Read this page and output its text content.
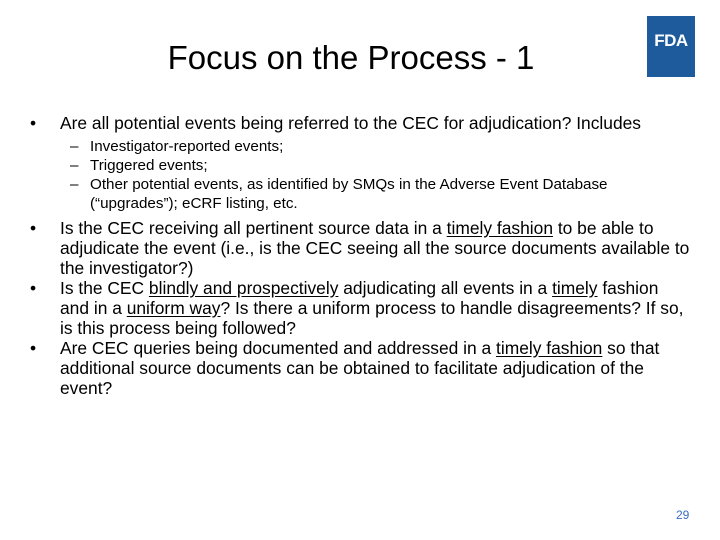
Focus on the Process - 1	FDA
• Are all potential events being referred to the CEC for adjudication? Includes
– Investigator-reported events;
– Triggered events;
– Other potential events, as identified by SMQs in the Adverse Event Database (“upgrades”); eCRF listing, etc.
• Is the CEC receiving all pertinent source data in a timely fashion to be able to adjudicate the event (i.e., is the CEC seeing all the source documents available to the investigator?)
• Is the CEC blindly and prospectively adjudicating all events in a timely fashion and in a uniform way? Is there a uniform process to handle disagreements? If so, is this process being followed?
• Are CEC queries being documented and addressed in a timely fashion so that additional source documents can be obtained to facilitate adjudication of the event?
29
